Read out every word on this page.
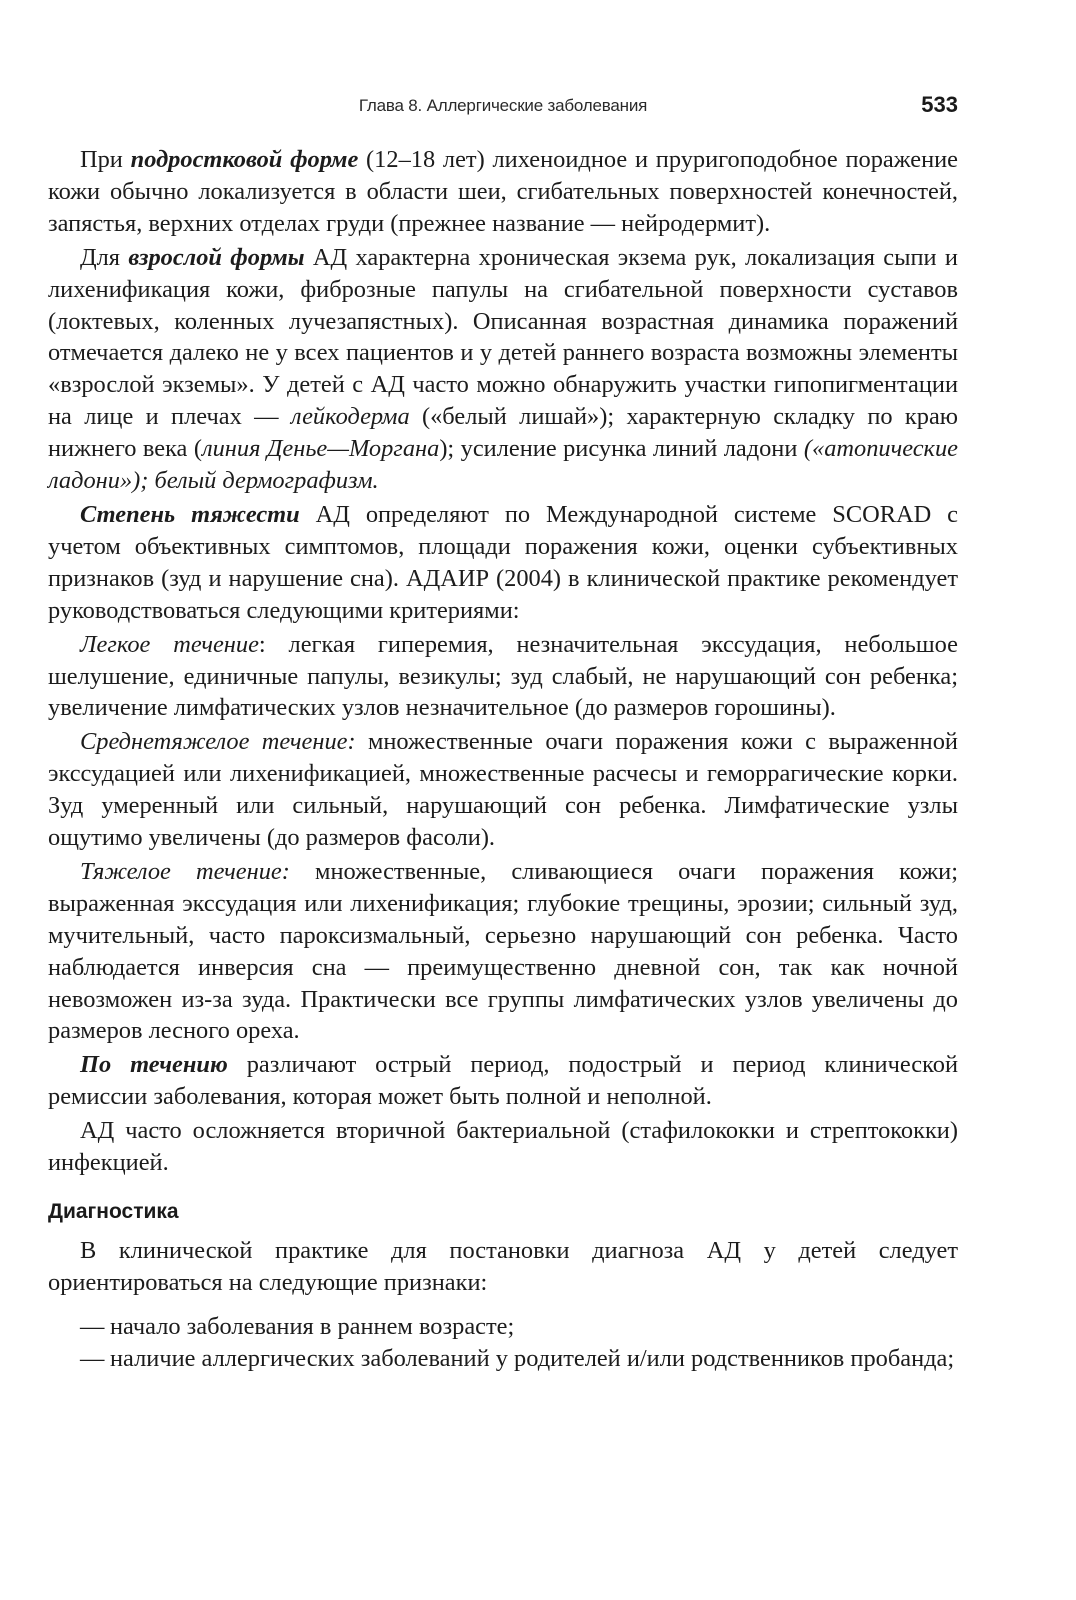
Глава 8. Аллергические заболевания	533

При подростковой форме (12–18 лет) лихеноидное и пруригоподобное поражение кожи обычно локализуется в области шеи, сгибательных поверхностей конечностей, запястья, верхних отделах груди (прежнее название — нейродермит).

Для взрослой формы АД характерна хроническая экзема рук, локализация сыпи и лихенификация кожи, фиброзные папулы на сгибательной поверхности суставов (локтевых, коленных лучезапястных). Описанная возрастная динамика поражений отмечается далеко не у всех пациентов и у детей раннего возраста возможны элементы «взрослой экземы». У детей с АД часто можно обнаружить участки гипопигментации на лице и плечах — лейкодерма («белый лишай»); характерную складку по краю нижнего века (линия Денье—Моргана); усиление рисунка линий ладони («атопические ладони»); белый дермографизм.

Степень тяжести АД определяют по Международной системе SCORAD с учетом объективных симптомов, площади поражения кожи, оценки субъективных признаков (зуд и нарушение сна). АДАИР (2004) в клинической практике рекомендует руководствоваться следующими критериями:

Легкое течение: легкая гиперемия, незначительная экссудация, небольшое шелушение, единичные папулы, везикулы; зуд слабый, не нарушающий сон ребенка; увеличение лимфатических узлов незначительное (до размеров горошины).

Среднетяжелое течение: множественные очаги поражения кожи с выраженной экссудацией или лихенификацией, множественные расчесы и геморрагические корки. Зуд умеренный или сильный, нарушающий сон ребенка. Лимфатические узлы ощутимо увеличены (до размеров фасоли).

Тяжелое течение: множественные, сливающиеся очаги поражения кожи; выраженная экссудация или лихенификация; глубокие трещины, эрозии; сильный зуд, мучительный, часто пароксизмальный, серьезно нарушающий сон ребенка. Часто наблюдается инверсия сна — преимущественно дневной сон, так как ночной невозможен из-за зуда. Практически все группы лимфатических узлов увеличены до размеров лесного ореха.

По течению различают острый период, подострый и период клинической ремиссии заболевания, которая может быть полной и неполной.

АД часто осложняется вторичной бактериальной (стафилококки и стрептококки) инфекцией.

Диагностика

В клинической практике для постановки диагноза АД у детей следует ориентироваться на следующие признаки:

— начало заболевания в раннем возрасте;
— наличие аллергических заболеваний у родителей и/или родственников пробанда;
